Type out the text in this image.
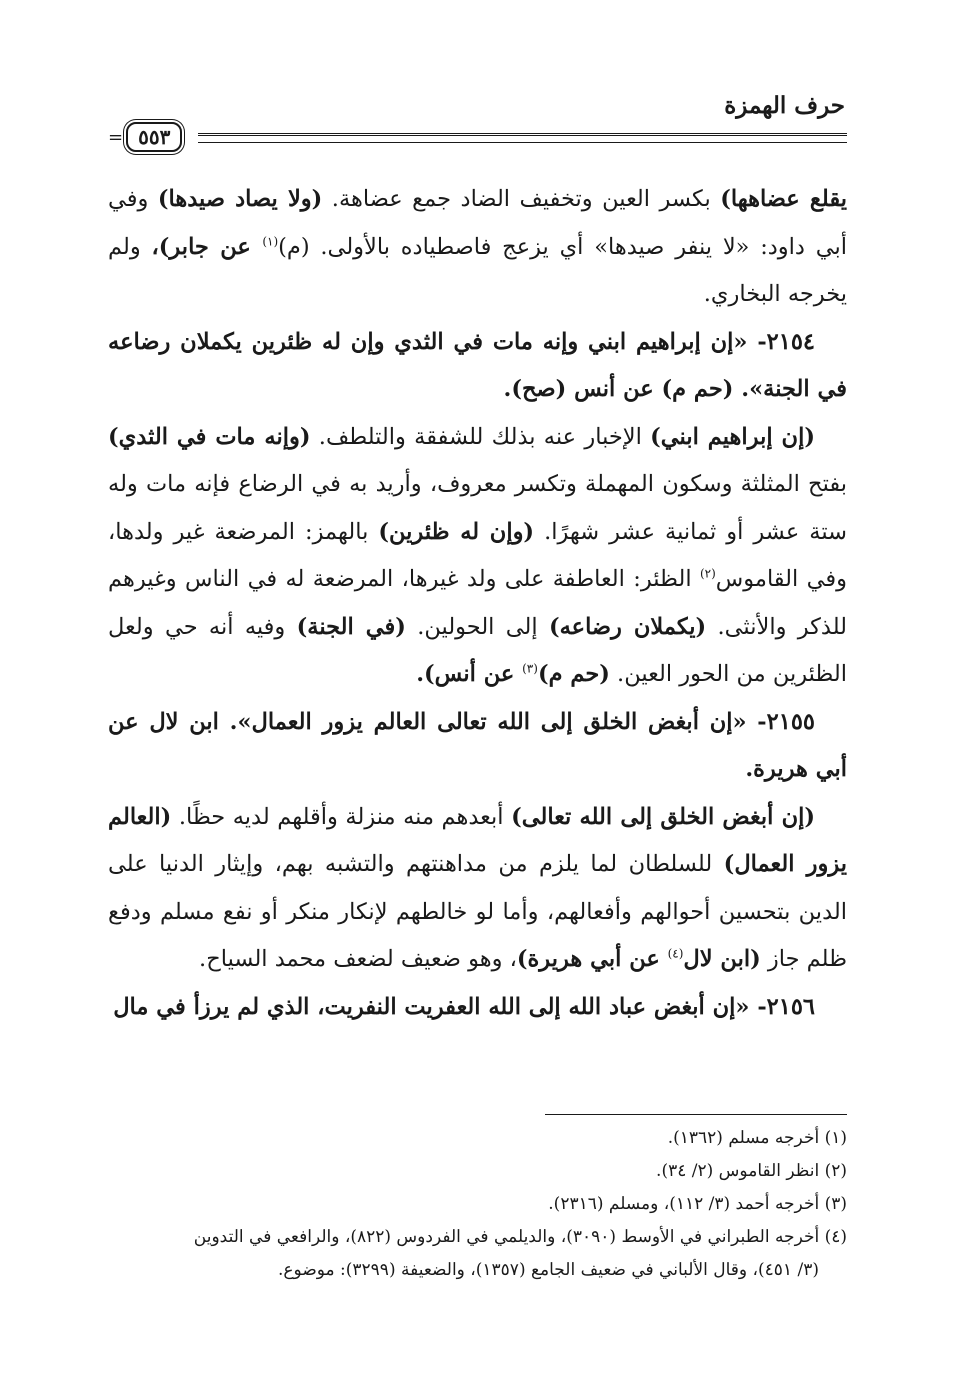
حرف الهمزة
= ٥٥٣

يقلع عضاهها) بكسر العين وتخفيف الضاد جمع عضاهة. (ولا يصاد صيدها) وفي أبي داود: «لا ينفر صيدها» أي يزعج فاصطياده بالأولى. (م)$^{(١)}$ عن جابر)، ولم يخرجه البخاري.

٢١٥٤- «إن إبراهيم ابني وإنه مات في الثدي وإن له ظئرين يكملان رضاعه في الجنة». (حم م) عن أنس (صح).

(إن إبراهيم ابني) الإخبار عنه بذلك للشفقة والتلطف. (وإنه مات في الثدي) بفتح المثلثة وسكون المهملة وتكسر معروف، وأريد به في الرضاع فإنه مات وله ستة عشر أو ثمانية عشر شهرًا. (وإن له ظئرين) بالهمز: المرضعة غير ولدها، وفي القاموس$^{(٢)}$ الظئر: العاطفة على ولد غيرها، المرضعة له في الناس وغيرهم للذكر والأنثى. (يكملان رضاعه) إلى الحولين. (في الجنة) وفيه أنه حي ولعل الظئرين من الحور العين. (حم م)$^{(٣)}$ عن أنس).

٢١٥٥- «إن أبغض الخلق إلى الله تعالى العالم يزور العمال». ابن لال عن أبي هريرة.

(إن أبغض الخلق إلى الله تعالى) أبعدهم منه منزلة وأقلهم لديه حظًا. (العالم يزور العمال) للسلطان لما يلزم من مداهنتهم والتشبه بهم، وإيثار الدنيا على الدين بتحسين أحوالهم وأفعالهم، وأما لو خالطهم لإنكار منكر أو نفع مسلم ودفع ظلم جاز (ابن لال$^{(٤)}$ عن أبي هريرة)، وهو ضعيف لضعف محمد السياح.

٢١٥٦- «إن أبغض عباد الله إلى الله العفريت النفريت، الذي لم يرزأ في مال

(١) أخرجه مسلم (١٣٦٢).

(٢) انظر القاموس (٢/ ٣٤).

(٣) أخرجه أحمد (٣/ ١١٢)، ومسلم (٢٣١٦).

(٤) أخرجه الطبراني في الأوسط (٣٠٩٠)، والديلمي في الفردوس (٨٢٢)، والرافعي في التدوين

(٣/ ٤٥١)، وقال الألباني في ضعيف الجامع (١٣٥٧)، والضعيفة (٣٢٩٩): موضوع.
